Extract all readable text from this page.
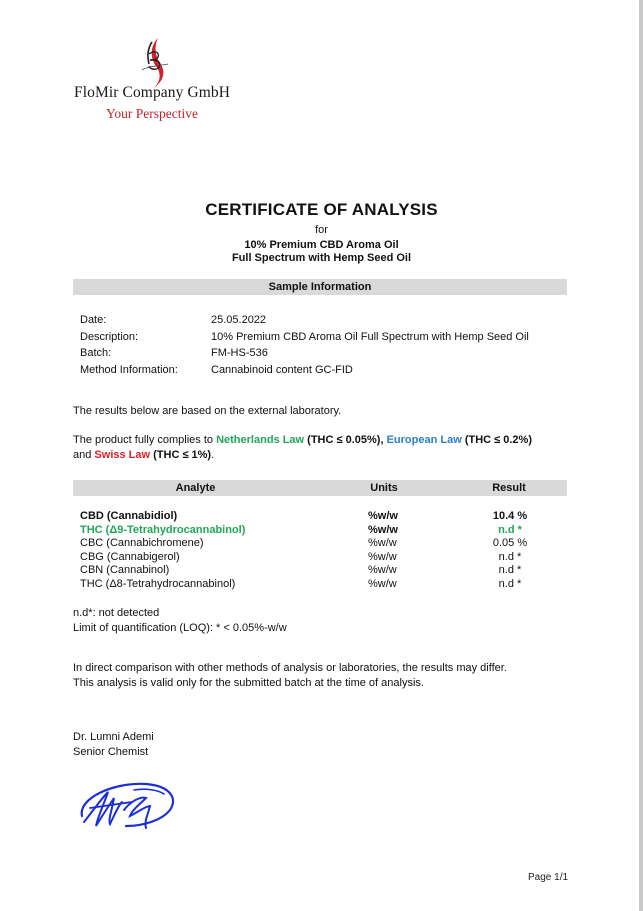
FloMir Company GmbH
Your Perspective
CERTIFICATE OF ANALYSIS
for
10% Premium CBD Aroma Oil
Full Spectrum with Hemp Seed Oil
Sample Information
Date:	25.05.2022
Description:	10% Premium CBD Aroma Oil Full Spectrum with Hemp Seed Oil
Batch:	FM-HS-536
Method Information:	Cannabinoid content GC-FID
The results below are based on the external laboratory.
The product fully complies to Netherlands Law (THC ≤ 0.05%), European Law (THC ≤ 0.2%)
and Swiss Law (THC ≤ 1%).
Analyte	Units	Result
CBD (Cannabidiol)	%w/w	10.4 %
THC (Δ9-Tetrahydrocannabinol)	%w/w	n.d *
CBC (Cannabichromene)	%w/w	0.05 %
CBG (Cannabigerol)	%w/w	n.d *
CBN (Cannabinol)	%w/w	n.d *
THC (Δ8-Tetrahydrocannabinol)	%w/w	n.d *
n.d*: not detected
Limit of quantification (LOQ): * < 0.05%-w/w
In direct comparison with other methods of analysis or laboratories, the results may differ.
This analysis is valid only for the submitted batch at the time of analysis.
Dr. Lumni Ademi
Senior Chemist
Page 1/1
